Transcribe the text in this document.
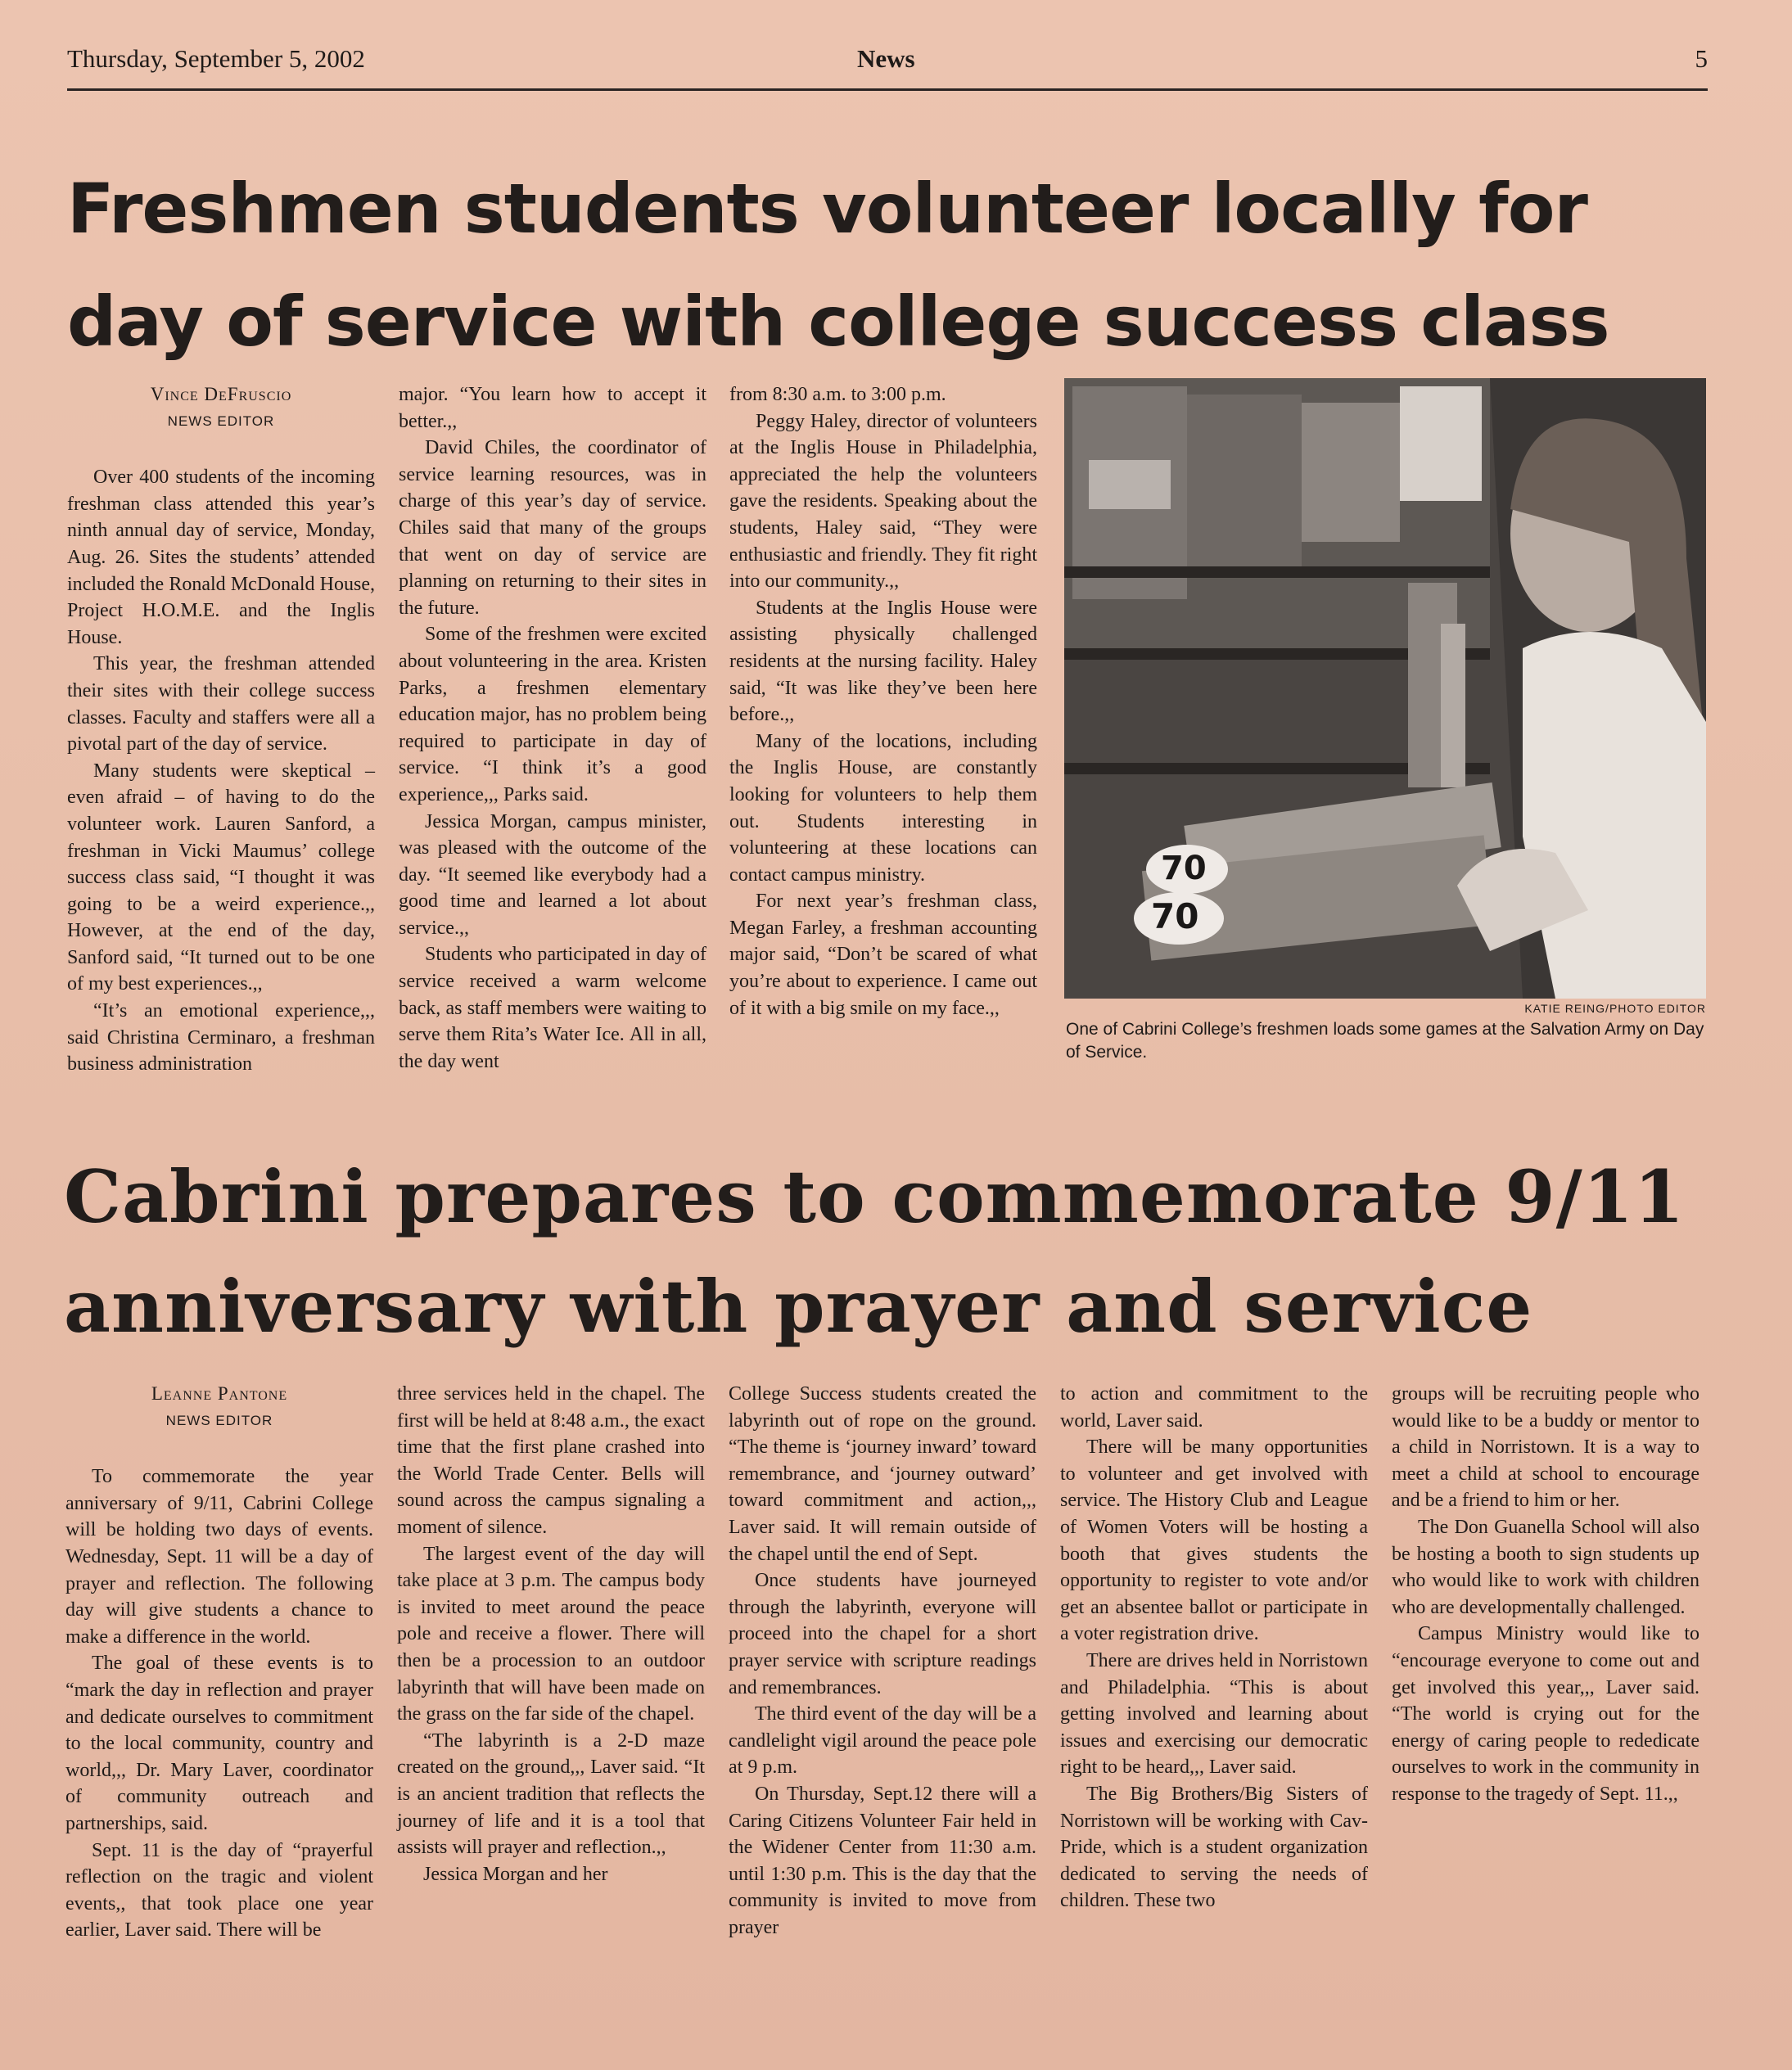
Thursday, September 5, 2002	News	5
Freshmen students volunteer locally for day of service with college success class
Vince DeFruscio
NEWS EDITOR

Over 400 students of the incoming freshman class attended this year’s ninth annual day of service, Monday, Aug. 26. Sites the students’ attended included the Ronald McDonald House, Project H.O.M.E. and the Inglis House.

This year, the freshman attended their sites with their college success classes. Faculty and staffers were all a pivotal part of the day of service.

Many students were skeptical – even afraid – of having to do the volunteer work. Lauren Sanford, a freshman in Vicki Maumus’ college success class said, “I thought it was going to be a weird experience.,, However, at the end of the day, Sanford said, “It turned out to be one of my best experiences.,,

“It’s an emotional experience,,, said Christina Cerminaro, a freshman business administration

major. “You learn how to accept it better.,,

David Chiles, the coordinator of service learning resources, was in charge of this year’s day of service. Chiles said that many of the groups that went on day of service are planning on returning to their sites in the future.

Some of the freshmen were excited about volunteering in the area. Kristen Parks, a freshmen elementary education major, has no problem being required to participate in day of service. “I think it’s a good experience,,, Parks said.

Jessica Morgan, campus minister, was pleased with the outcome of the day. “It seemed like everybody had a good time and learned a lot about service.,,

Students who participated in day of service received a warm welcome back, as staff members were waiting to serve them Rita’s Water Ice. All in all, the day went

from 8:30 a.m. to 3:00 p.m.

Peggy Haley, director of volunteers at the Inglis House in Philadelphia, appreciated the help the volunteers gave the residents. Speaking about the students, Haley said, “They were enthusiastic and friendly. They fit right into our community.,,

Students at the Inglis House were assisting physically challenged residents at the nursing facility. Haley said, “It was like they’ve been here before.,,

Many of the locations, including the Inglis House, are constantly looking for volunteers to help them out. Students interesting in volunteering at these locations can contact campus ministry.

For next year’s freshman class, Megan Farley, a freshman accounting major said, “Don’t be scared of what you’re about to experience. I came out of it with a big smile on my face.,,

70
70
KATIE REING/PHOTO EDITOR
One of Cabrini College’s freshmen loads some games at the Salvation Army on Day of Service.
Cabrini prepares to commemorate 9/11 anniversary with prayer and service
Leanne Pantone
NEWS EDITOR

To commemorate the year anniversary of 9/11, Cabrini College will be holding two days of events. Wednesday, Sept. 11 will be a day of prayer and reflection. The following day will give students a chance to make a difference in the world.

The goal of these events is to “mark the day in reflection and prayer and dedicate ourselves to commitment to the local community, country and world,,, Dr. Mary Laver, coordinator of community outreach and partnerships, said.

Sept. 11 is the day of “prayerful reflection on the tragic and violent events,, that took place one year earlier, Laver said. There will be

three services held in the chapel. The first will be held at 8:48 a.m., the exact time that the first plane crashed into the World Trade Center. Bells will sound across the campus signaling a moment of silence.

The largest event of the day will take place at 3 p.m. The campus body is invited to meet around the peace pole and receive a flower. There will then be a procession to an outdoor labyrinth that will have been made on the grass on the far side of the chapel.

“The labyrinth is a 2-D maze created on the ground,,, Laver said. “It is an ancient tradition that reflects the journey of life and it is a tool that assists will prayer and reflection.,,

Jessica Morgan and her

College Success students created the labyrinth out of rope on the ground. “The theme is ‘journey inward’ toward remembrance, and ‘journey outward’ toward commitment and action,,, Laver said. It will remain outside of the chapel until the end of Sept.

Once students have journeyed through the labyrinth, everyone will proceed into the chapel for a short prayer service with scripture readings and remembrances.

The third event of the day will be a candlelight vigil around the peace pole at 9 p.m.

On Thursday, Sept.12 there will a Caring Citizens Volunteer Fair held in the Widener Center from 11:30 a.m. until 1:30 p.m. This is the day that the community is invited to move from prayer

to action and commitment to the world, Laver said.

There will be many opportunities to volunteer and get involved with service. The History Club and League of Women Voters will be hosting a booth that gives students the opportunity to register to vote and/or get an absentee ballot or participate in a voter registration drive.

There are drives held in Norristown and Philadelphia. “This is about getting involved and learning about issues and exercising our democratic right to be heard,,, Laver said.

The Big Brothers/Big Sisters of Norristown will be working with Cav-Pride, which is a student organization dedicated to serving the needs of children. These two

groups will be recruiting people who would like to be a buddy or mentor to a child in Norristown. It is a way to meet a child at school to encourage and be a friend to him or her.

The Don Guanella School will also be hosting a booth to sign students up who would like to work with children who are developmentally challenged.

Campus Ministry would like to “encourage everyone to come out and get involved this year,,, Laver said. “The world is crying out for the energy of caring people to rededicate ourselves to work in the community in response to the tragedy of Sept. 11.,,
